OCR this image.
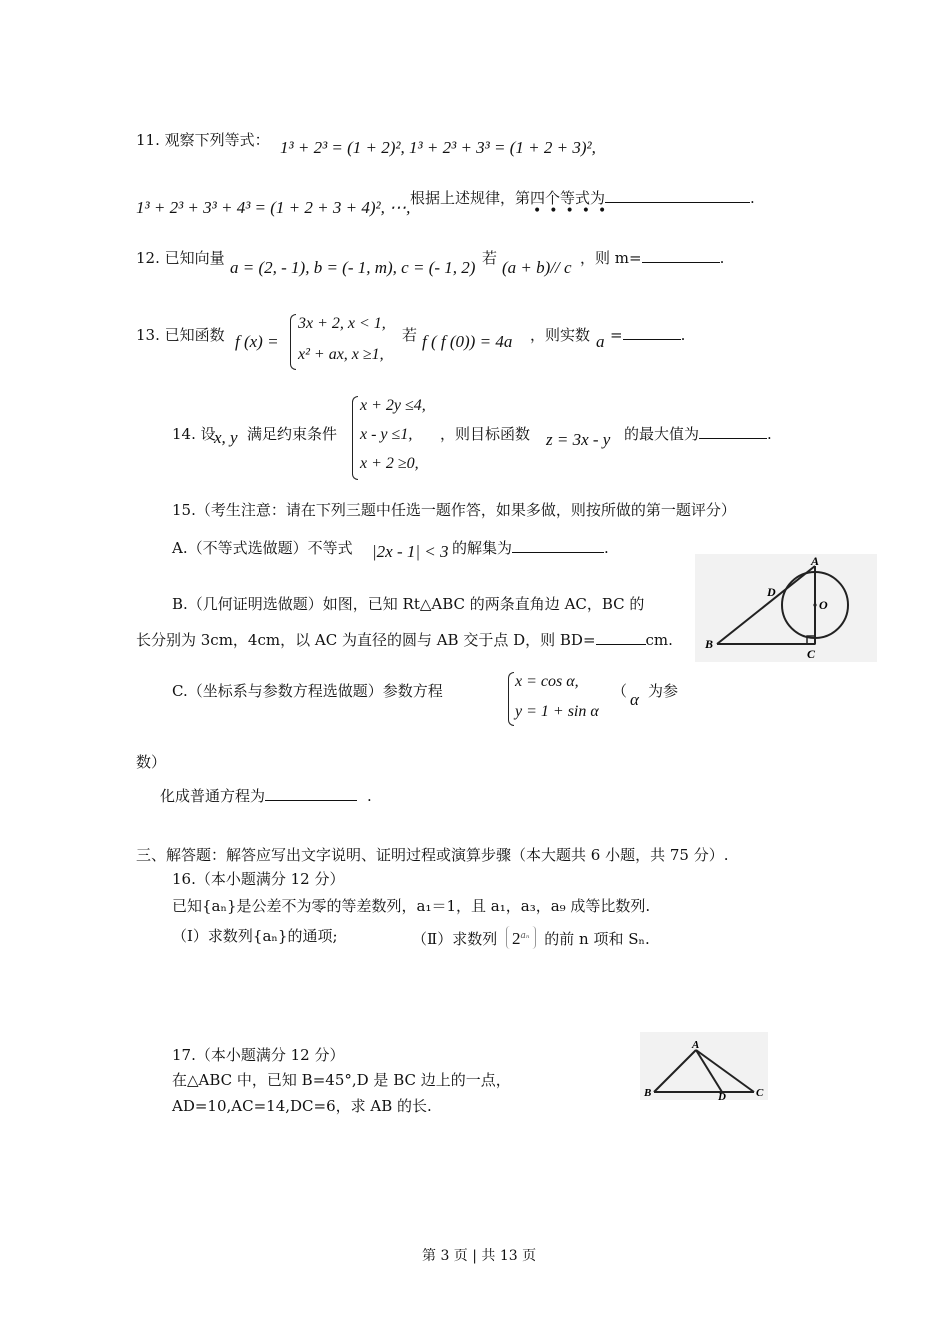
11. 观察下列等式： 1³ + 2³ = (1 + 2)², 1³ + 2³ + 3³ = (1 + 2 + 3)²,
1³ + 2³ + 3³ + 4³ = (1 + 2 + 3 + 4)², ⋯, 根据上述规律，第四个等式为	.
•••••
12. 已知向量 a = (2, - 1), b = (- 1, m), c = (- 1, 2) 若 (a + b)// c ，则 m=	.
13. 已知函数 f (x) =
3x + 2, x < 1,
x² + ax, x ≥1,
若 f ( f (0)) = 4a ，则实数 a =	.
14. 设
x, y 满足约束条件
x + 2y ≤4,
x - y ≤1,
x + 2 ≥0,
，则目标函数 z = 3x - y 的最大值为	.
15.（考生注意：请在下列三题中任选一题作答，如果多做，则按所做的第一题评分）
A.（不等式选做题）不等式 |2x - 1| < 3 的解集为	.
B.（几何证明选做题）如图，已知 Rt△ABC 的两条直角边 AC，BC 的
长分别为 3cm，4cm，以 AC 为直径的圆与 AB 交于点 D，则 BD=	cm.
A
D
O
B
C
C.（坐标系与参数方程选做题）参数方程
x = cos α,
y = 1 + sin α
（ α 为参
数）
化成普通方程为	.
三、解答题：解答应写出文字说明、证明过程或演算步骤（本大题共 6 小题，共 75 分）.
16.（本小题满分 12 分）
已知{aₙ}是公差不为零的等差数列，a₁＝1，且 a₁，a₃，a₉ 成等比数列.
（Ⅰ）求数列{aₙ}的通项;	（Ⅱ）求数列 $2^{a_n}$ 的前 n 项和 Sₙ.
17.（本小题满分 12 分）
在△ABC 中，已知 B=45°,D 是 BC 边上的一点，
AD=10,AC=14,DC=6，求 AB 的长.
A
B	D	C
第 3 页 | 共 13 页
